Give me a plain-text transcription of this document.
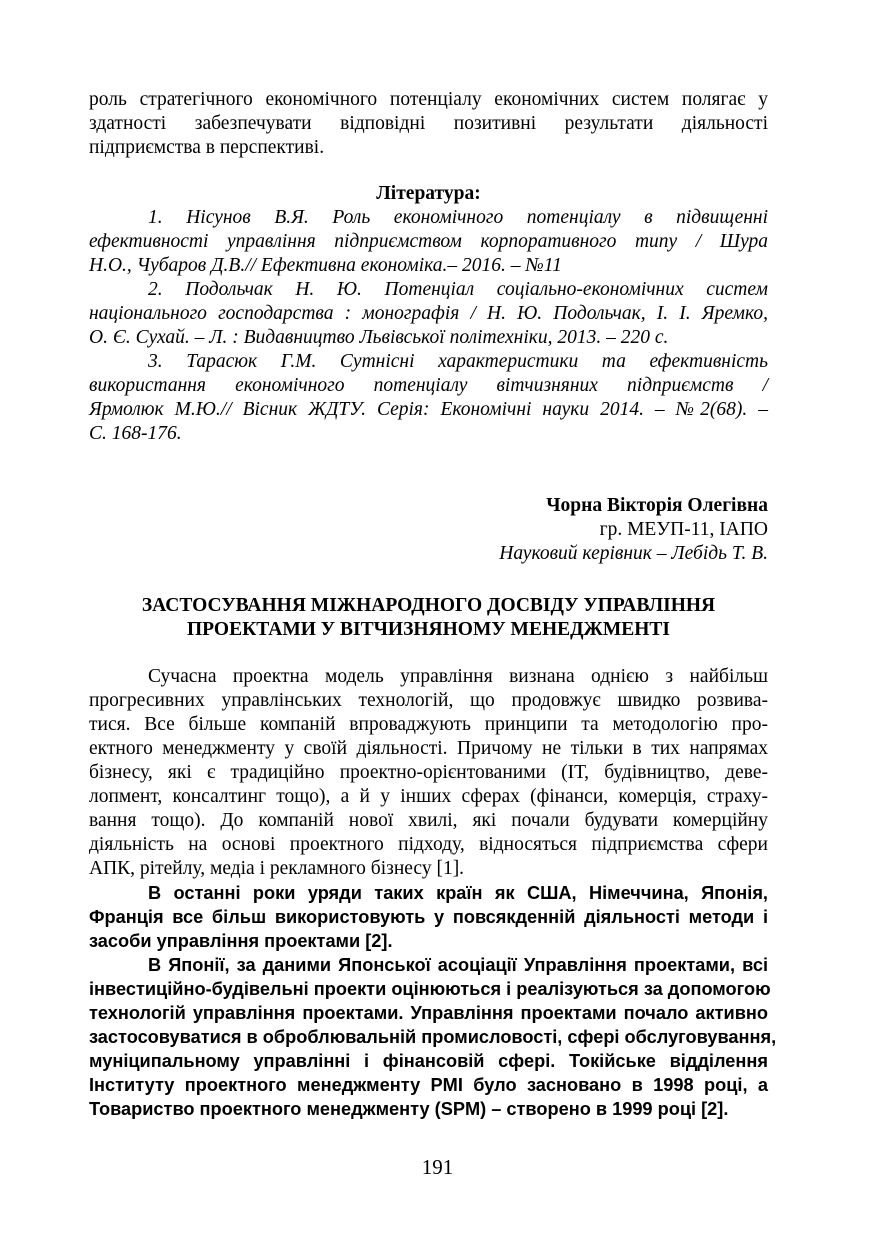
роль стратегічного економічного потенціалу економічних систем полягає у
здатності забезпечувати відповідні позитивні результати діяльності
підприємства в перспективі.
Література:
1. Нісунов В.Я. Роль економічного потенціалу в підвищенні
ефективності управління підприємством корпоративного типу / Шура
Н.О., Чубаров Д.В.// Ефективна економіка.– 2016. – №11
2. Подольчак Н. Ю. Потенціал соціально-економічних систем
національного господарства : монографія / Н. Ю. Подольчак, І. І. Яремко,
О. Є. Сухай. – Л. : Видавництво Львівської політехніки, 2013. – 220 с.
3. Тарасюк Г.М. Сутнісні характеристики та ефективність
використання економічного потенціалу вітчизняних підприємств /
Ярмолюк М.Ю.// Вісник ЖДТУ. Серія: Економічні науки 2014. – №2(68). –
С. 168-176.
Чорна Вікторія Олегівна
гр. МЕУП-11, ІАПО
Науковий керівник – Лебідь Т. В.
ЗАСТОСУВАННЯ МІЖНАРОДНОГО ДОСВІДУ УПРАВЛІННЯ
ПРОЕКТАМИ У ВІТЧИЗНЯНОМУ МЕНЕДЖМЕНТІ
Сучасна проектна модель управління визнана однією з найбільш
прогресивних управлінських технологій, що продовжує швидко розвива-
тися. Все більше компаній впроваджують принципи та методологію про-
ектного менеджменту у своїй діяльності. Причому не тільки в тих напрямах
бізнесу, які є традиційно проектно-орієнтованими (ІТ, будівництво, деве-
лопмент, консалтинг тощо), а й у інших сферах (фінанси, комерція, страху-
вання тощо). До компаній нової хвилі, які почали будувати комерційну
діяльність на основі проектного підходу, відносяться підприємства сфери
АПК, рітейлу, медіа і рекламного бізнесу [1].
В останні роки уряди таких країн як США, Німеччина, Японія,
Франція все більш використовують у повсякденній діяльності методи і
засоби управління проектами [2].
В Японії, за даними Японської асоціації Управління проектами, всі
інвестиційно-будівельні проекти оцінюються і реалізуються за допомогою
технологій управління проектами. Управління проектами почало активно
застосовуватися в оброблювальній промисловості, сфері обслуговування,
муніципальному управлінні і фінансовій сфері. Токійське відділення
Інституту проектного менеджменту PMI було засновано в 1998 році, а
Товариство проектного менеджменту (SPM) – створено в 1999 році [2].
191
